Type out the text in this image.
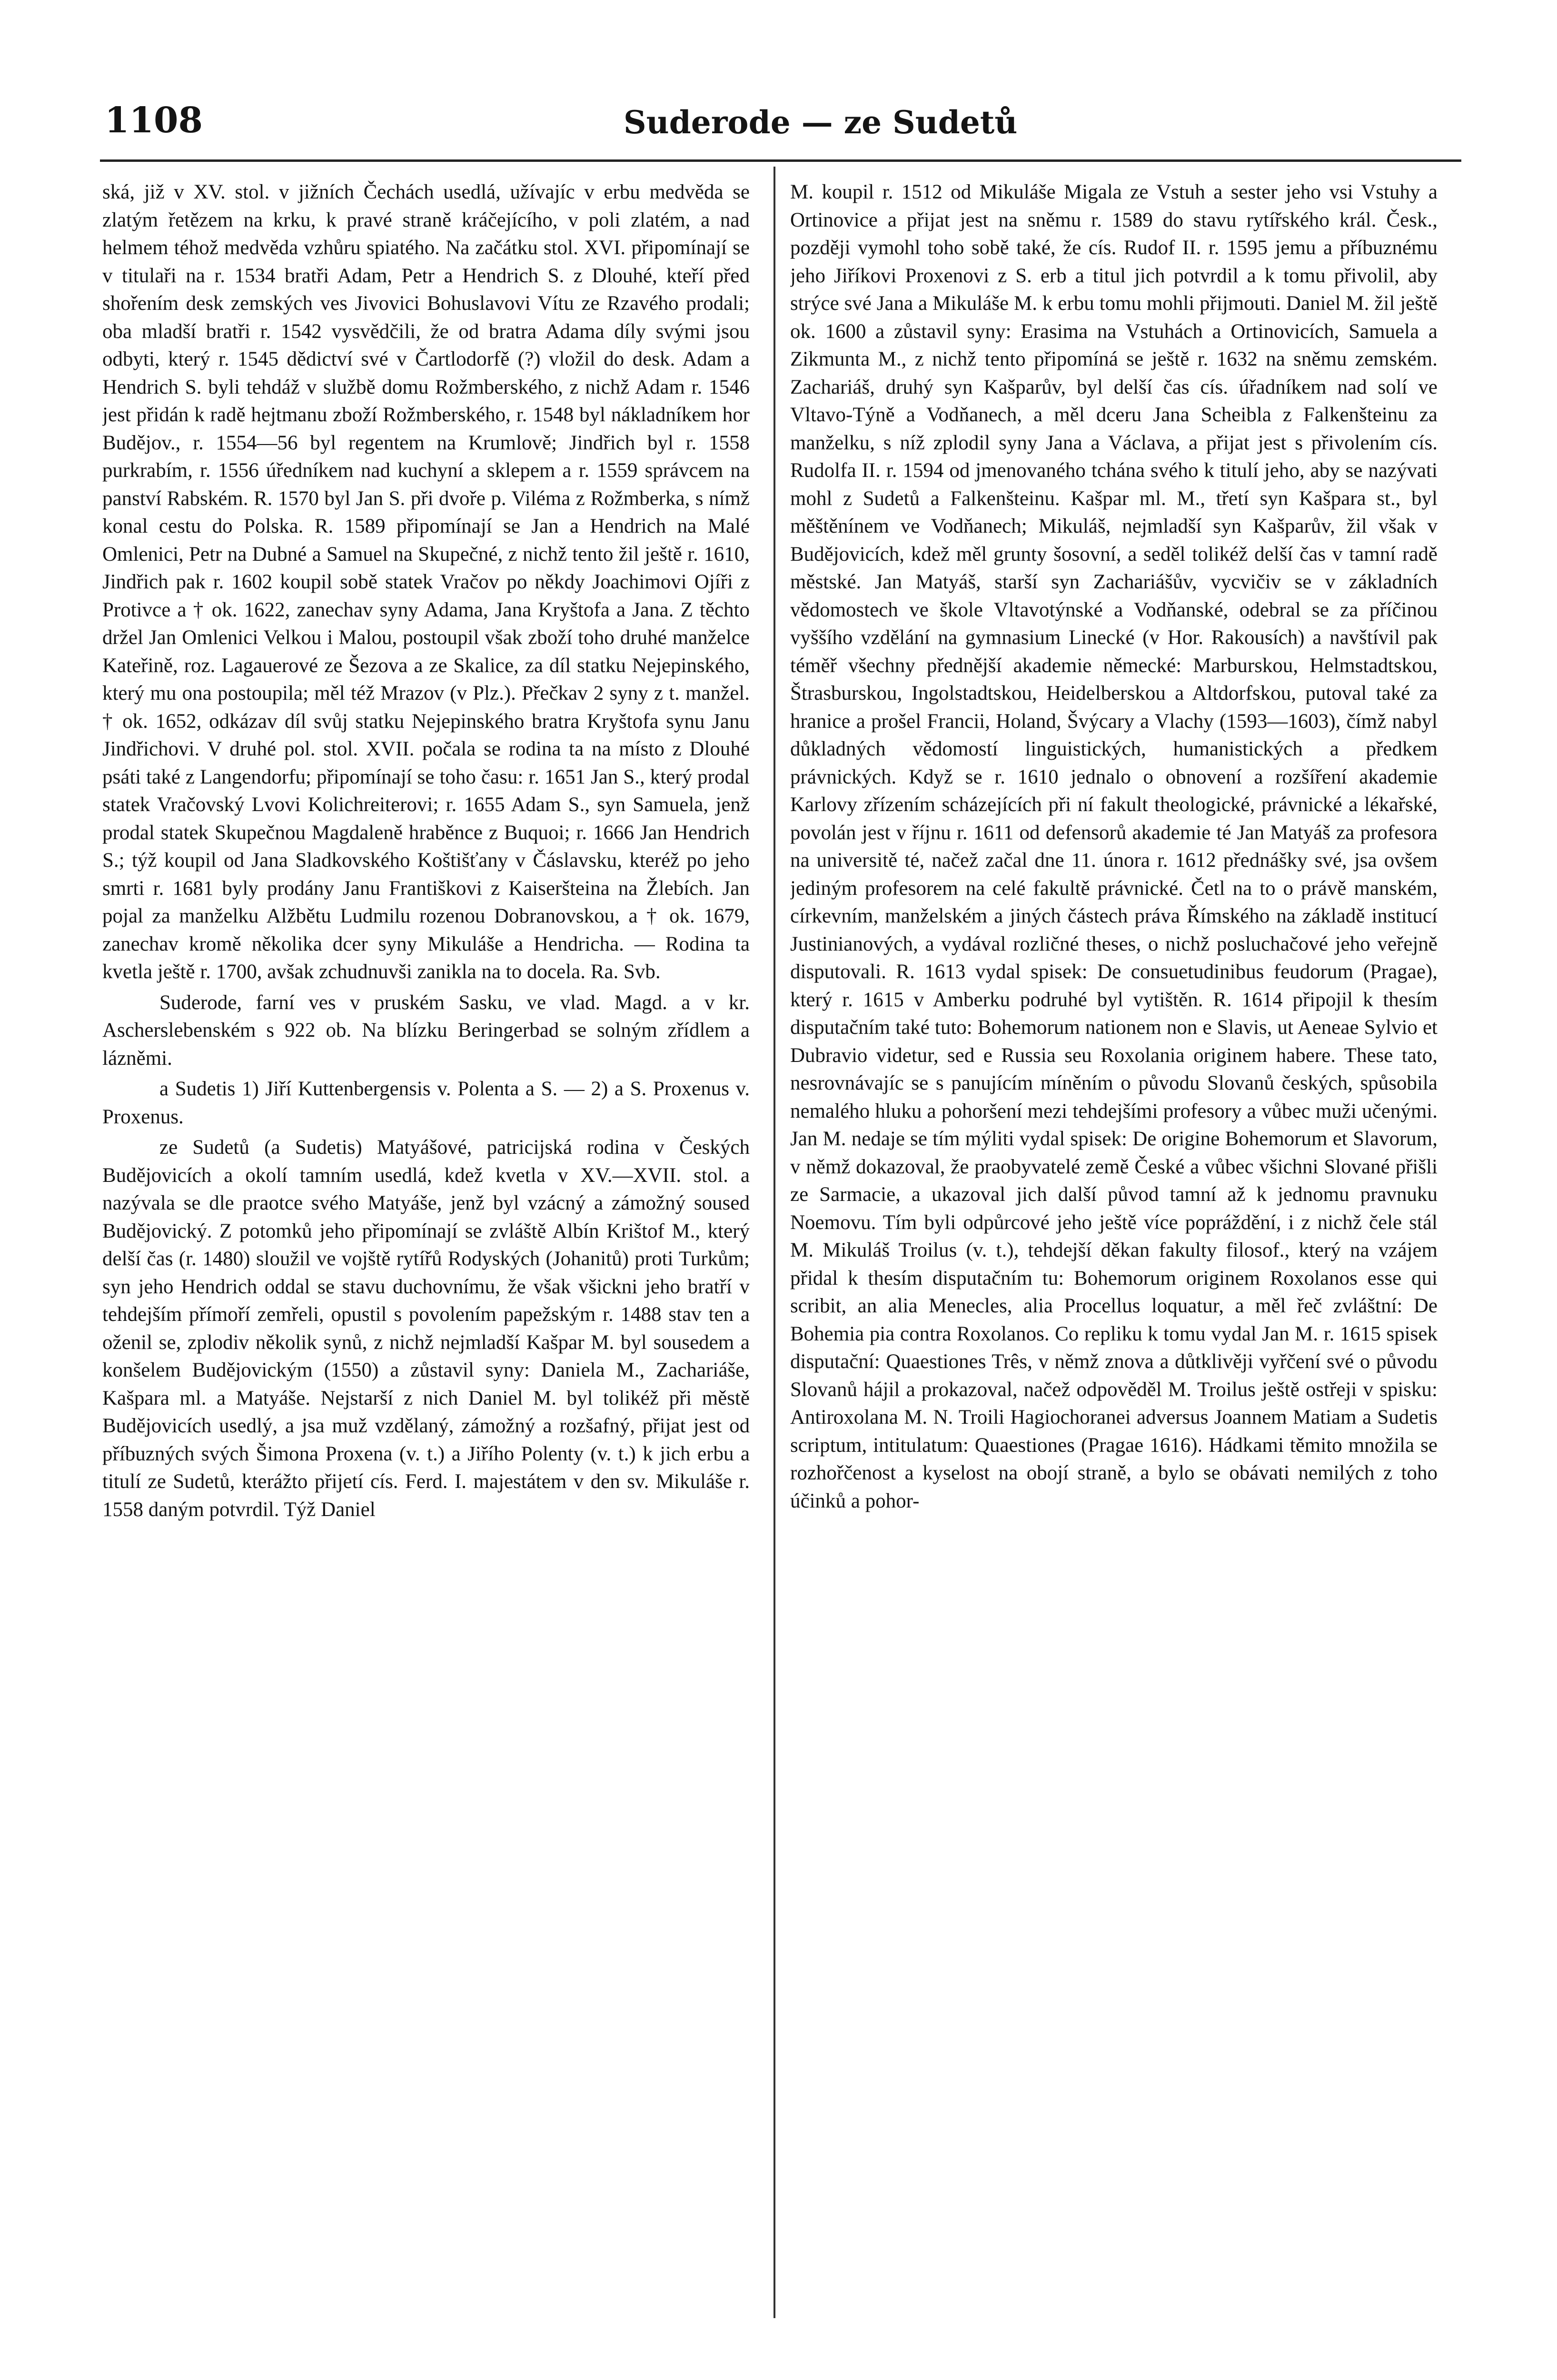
1108	Suderode — ze Sudetů

ská, již v XV. stol. v jižních Čechách usedlá, užívajíc v erbu medvěda se zlatým řetězem na krku, k pravé straně kráčejícího, v poli zlatém, a nad helmem téhož medvěda vzhůru spiatého. Na začátku stol. XVI. připomínají se v titulaři na r. 1534 bratři Adam, Petr a Hendrich S. z Dlouhé, kteří před shořením desk zemských ves Jivovici Bohuslavovi Vítu ze Rzavého prodali; oba mladší bratři r. 1542 vysvědčili, že od bratra Adama díly svými jsou odbyti, který r. 1545 dědictví své v Čartlodorfě (?) vložil do desk. Adam a Hendrich S. byli tehdáž v službě domu Rožmberského, z nichž Adam r. 1546 jest přidán k radě hejtmanu zboží Rožmberského, r. 1548 byl nákladníkem hor Budějov., r. 1554—56 byl regentem na Krumlově; Jindřich byl r. 1558 purkrabím, r. 1556 úředníkem nad kuchyní a sklepem a r. 1559 správcem na panství Rabském. R. 1570 byl Jan S. při dvoře p. Viléma z Rožmberka, s nímž konal cestu do Polska. R. 1589 připomínají se Jan a Hendrich na Malé Omlenici, Petr na Dubné a Samuel na Skupečné, z nichž tento žil ještě r. 1610, Jindřich pak r. 1602 koupil sobě statek Vračov po někdy Joachimovi Ojíři z Protivce a † ok. 1622, zanechav syny Adama, Jana Kryštofa a Jana. Z těchto držel Jan Omlenici Velkou i Malou, postoupil však zboží toho druhé manželce Kateřině, roz. Lagauerové ze Šezova a ze Skalice, za díl statku Nejepinského, který mu ona postoupila; měl též Mrazov (v Plz.). Přečkav 2 syny z t. manžel. † ok. 1652, odkázav díl svůj statku Nejepinského bratra Kryštofa synu Janu Jindřichovi. V druhé pol. stol. XVII. počala se rodina ta na místo z Dlouhé psáti také z Langendorfu; připomínají se toho času: r. 1651 Jan S., který prodal statek Vračovský Lvovi Kolichreiterovi; r. 1655 Adam S., syn Samuela, jenž prodal statek Skupečnou Magdaleně hraběnce z Buquoi; r. 1666 Jan Hendrich S.; týž koupil od Jana Sladkovského Koštišťany v Čáslavsku, kteréž po jeho smrti r. 1681 byly prodány Janu Františkovi z Kaiseršteina na Žlebích. Jan pojal za manželku Alžbětu Ludmilu rozenou Dobranovskou, a † ok. 1679, zanechav kromě několika dcer syny Mikuláše a Hendricha. — Rodina ta kvetla ještě r. 1700, avšak zchudnuvši zanikla na to docela. Ra. Svb.

Suderode, farní ves v pruském Sasku, ve vlad. Magd. a v kr. Ascherslebenském s 922 ob. Na blízku Beringerbad se solným zřídlem a lázněmi.

a Sudetis 1) Jiří Kuttenbergensis v. Polenta a S. — 2) a S. Proxenus v. Proxenus.

ze Sudetů (a Sudetis) Matyášové, patricijská rodina v Českých Budějovicích a okolí tamním usedlá, kdež kvetla v XV.—XVII. stol. a nazývala se dle praotce svého Matyáše, jenž byl vzácný a zámožný soused Budějovický. Z potomků jeho připomínají se zvláště Albín Krištof M., který delší čas (r. 1480) sloužil ve vojště rytířů Rodyských (Johanitů) proti Turkům; syn jeho Hendrich oddal se stavu duchovnímu, že však všickni jeho bratří v tehdejším přímoří zemřeli, opustil s povolením papežským r. 1488 stav ten a oženil se, zplodiv několik synů, z nichž nejmladší Kašpar M. byl sousedem a konšelem Budějovickým (1550) a zůstavil syny: Daniela M., Zachariáše, Kašpara ml. a Matyáše. Nejstarší z nich Daniel M. byl tolikéž při městě Budějovicích usedlý, a jsa muž vzdělaný, zámožný a rozšafný, přijat jest od příbuzných svých Šimona Proxena (v. t.) a Jiřího Polenty (v. t.) k jich erbu a titulí ze Sudetů, kterážto přijetí cís. Ferd. I. majestátem v den sv. Mikuláše r. 1558 daným potvrdil. Týž Daniel

M. koupil r. 1512 od Mikuláše Migala ze Vstuh a sester jeho vsi Vstuhy a Ortinovice a přijat jest na sněmu r. 1589 do stavu rytířského král. Česk., později vymohl toho sobě také, že cís. Rudof II. r. 1595 jemu a příbuznému jeho Jiříkovi Proxenovi z S. erb a titul jich potvrdil a k tomu přivolil, aby strýce své Jana a Mikuláše M. k erbu tomu mohli přijmouti. Daniel M. žil ještě ok. 1600 a zůstavil syny: Erasima na Vstuhách a Ortinovicích, Samuela a Zikmunta M., z nichž tento připomíná se ještě r. 1632 na sněmu zemském. Zachariáš, druhý syn Kašparův, byl delší čas cís. úřadníkem nad solí ve Vltavo-Týně a Vodňanech, a měl dceru Jana Scheibla z Falkenšteinu za manželku, s níž zplodil syny Jana a Václava, a přijat jest s přivolením cís. Rudolfa II. r. 1594 od jmenovaného tchána svého k titulí jeho, aby se nazývati mohl z Sudetů a Falkenšteinu. Kašpar ml. M., třetí syn Kašpara st., byl měštěnínem ve Vodňanech; Mikuláš, nejmladší syn Kašparův, žil však v Budějovicích, kdež měl grunty šosovní, a seděl tolikéž delší čas v tamní radě městské. Jan Matyáš, starší syn Zachariášův, vycvičiv se v základních vědomostech ve škole Vltavotýnské a Vodňanské, odebral se za příčinou vyššího vzdělání na gymnasium Linecké (v Hor. Rakousích) a navštívil pak téměř všechny přednější akademie německé: Marburskou, Helmstadtskou, Štrasburskou, Ingolstadtskou, Heidelberskou a Altdorfskou, putoval také za hranice a prošel Francii, Holand, Švýcary a Vlachy (1593—1603), čímž nabyl důkladných vědomostí linguistických, humanistických a předkem právnických. Když se r. 1610 jednalo o obnovení a rozšíření akademie Karlovy zřízením scházejících při ní fakult theologické, právnické a lékařské, povolán jest v říjnu r. 1611 od defensorů akademie té Jan Matyáš za profesora na universitě té, načež začal dne 11. února r. 1612 přednášky své, jsa ovšem jediným profesorem na celé fakultě právnické. Četl na to o právě manském, církevním, manželském a jiných částech práva Římského na základě institucí Justinianových, a vydával rozličné theses, o nichž posluchačové jeho veřejně disputovali. R. 1613 vydal spisek: De consuetudinibus feudorum (Pragae), který r. 1615 v Amberku podruhé byl vytištěn. R. 1614 připojil k thesím disputačním také tuto: Bohemorum nationem non e Slavis, ut Aeneae Sylvio et Dubravio videtur, sed e Russia seu Roxolania originem habere. These tato, nesrovnávajíc se s panujícím míněním o původu Slovanů českých, spůsobila nemalého hluku a pohoršení mezi tehdejšími profesory a vůbec muži učenými. Jan M. nedaje se tím mýliti vydal spisek: De origine Bohemorum et Slavorum, v němž dokazoval, že praobyvatelé země České a vůbec všichni Slované přišli ze Sarmacie, a ukazoval jich další původ tamní až k jednomu pravnuku Noemovu. Tím byli odpůrcové jeho ještě více popráždění, i z nichž čele stál M. Mikuláš Troilus (v. t.), tehdejší děkan fakulty filosof., který na vzájem přidal k thesím disputačním tu: Bohemorum originem Roxolanos esse qui scribit, an alia Menecles, alia Procellus loquatur, a měl řeč zvláštní: De Bohemia pia contra Roxolanos. Co repliku k tomu vydal Jan M. r. 1615 spisek disputační: Quaestiones Três, v němž znova a důtklivěji vyřčení své o původu Slovanů hájil a prokazoval, načež odpověděl M. Troilus ještě ostřeji v spisku: Antiroxolana M. N. Troili Hagiochoranei adversus Joannem Matiam a Sudetis scriptum, intitulatum: Quaestiones (Pragae 1616). Hádkami těmito množila se rozhořčenost a kyselost na obojí straně, a bylo se obávati nemilých z toho účinků a pohor-
